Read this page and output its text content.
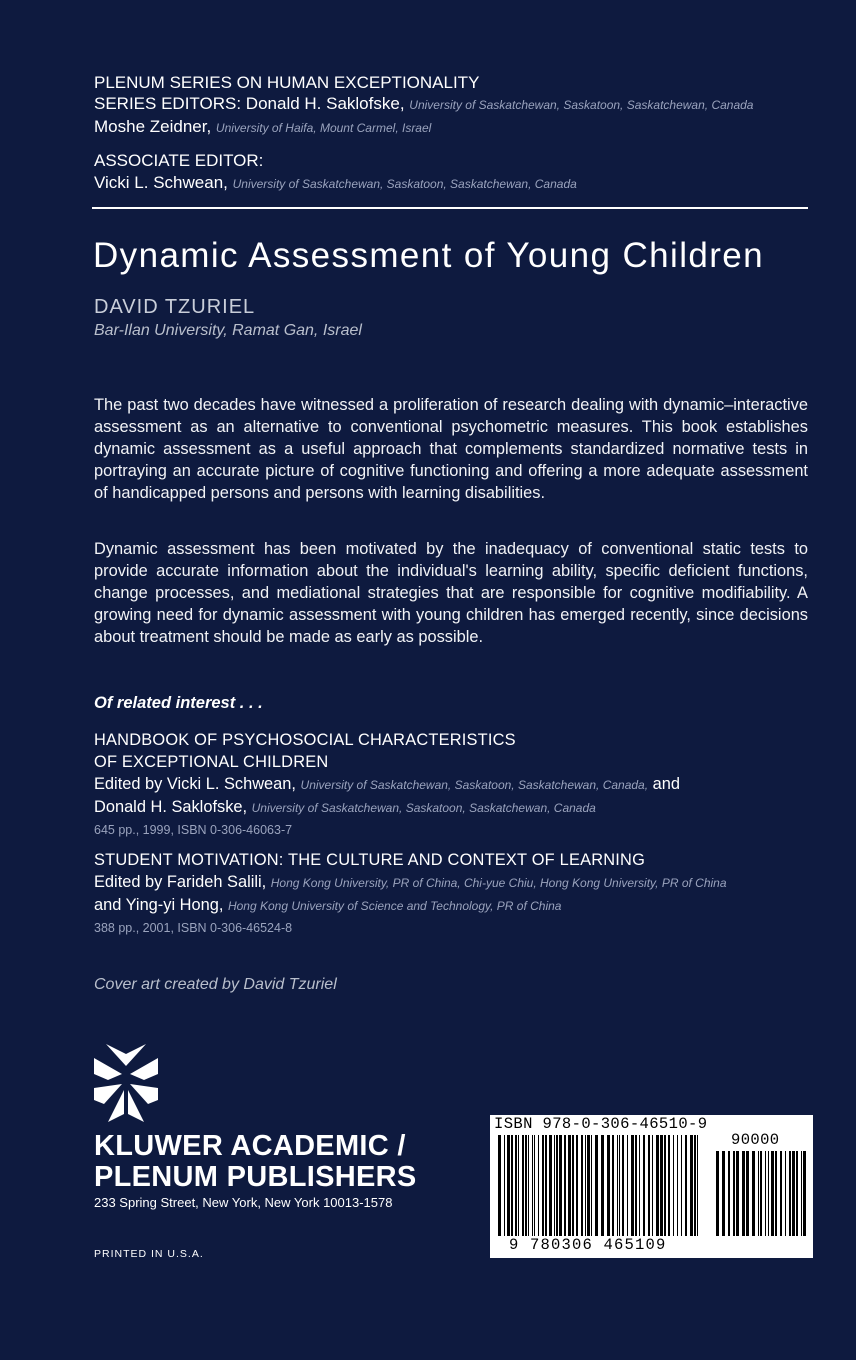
PLENUM SERIES ON HUMAN EXCEPTIONALITY
SERIES EDITORS: Donald H. Saklofske, University of Saskatchewan, Saskatoon, Saskatchewan, Canada
Moshe Zeidner, University of Haifa, Mount Carmel, Israel
ASSOCIATE EDITOR:
Vicki L. Schwean, University of Saskatchewan, Saskatoon, Saskatchewan, Canada
Dynamic Assessment of Young Children
DAVID TZURIEL
Bar-Ilan University, Ramat Gan, Israel

The past two decades have witnessed a proliferation of research dealing with dynamic–interactive assessment as an alternative to conventional psychometric measures. This book establishes dynamic assessment as a useful approach that complements standardized normative tests in portraying an accurate picture of cognitive functioning and offering a more adequate assessment of handicapped persons and persons with learning disabilities.

Dynamic assessment has been motivated by the inadequacy of conventional static tests to provide accurate information about the individual's learning ability, specific deficient functions, change processes, and mediational strategies that are responsible for cognitive modifiability. A growing need for dynamic assessment with young children has emerged recently, since decisions about treatment should be made as early as possible.

Of related interest . . .
HANDBOOK OF PSYCHOSOCIAL CHARACTERISTICS
OF EXCEPTIONAL CHILDREN
Edited by Vicki L. Schwean, University of Saskatchewan, Saskatoon, Saskatchewan, Canada, and
Donald H. Saklofske, University of Saskatchewan, Saskatoon, Saskatchewan, Canada
645 pp., 1999, ISBN 0-306-46063-7
STUDENT MOTIVATION: THE CULTURE AND CONTEXT OF LEARNING
Edited by Farideh Salili, Hong Kong University, PR of China, Chi-yue Chiu, Hong Kong University, PR of China
and Ying-yi Hong, Hong Kong University of Science and Technology, PR of China
388 pp., 2001, ISBN 0-306-46524-8
Cover art created by David Tzuriel
KLUWER ACADEMIC /
PLENUM PUBLISHERS
233 Spring Street, New York, New York 10013-1578
PRINTED IN U.S.A.
ISBN 978-0-306-46510-9
90000
9 780306 465109
